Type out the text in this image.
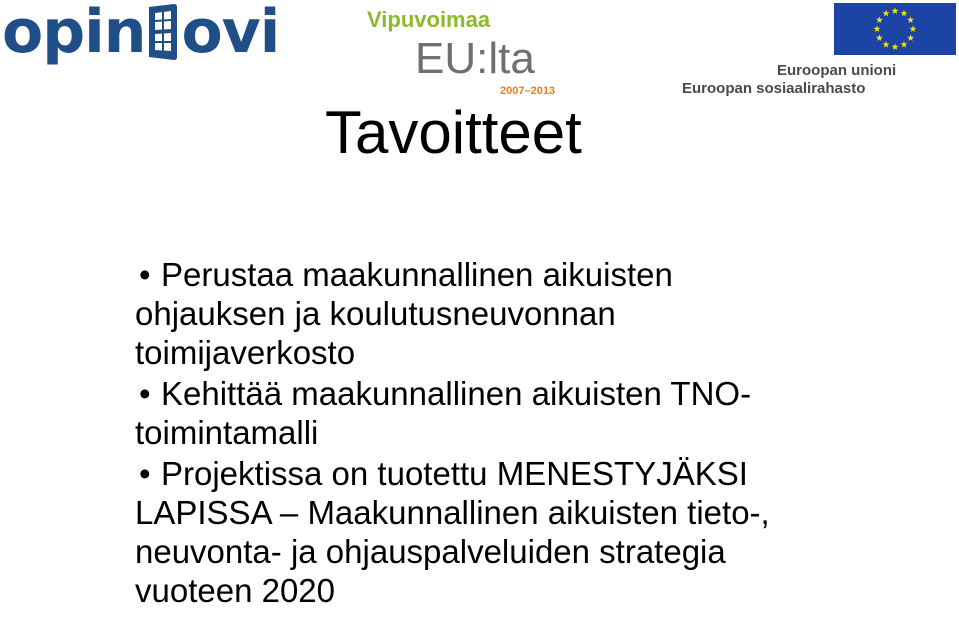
opin ovi	Vipuvoimaa
EU:lta
2007–2013
Euroopan unioni
Euroopan sosiaalirahasto
Tavoitteet
• Perustaa maakunnallinen aikuisten
ohjauksen ja koulutusneuvonnan
toimijaverkosto
• Kehittää maakunnallinen aikuisten TNO-
toimintamalli
• Projektissa on tuotettu MENESTYJÄKSI
LAPISSA – Maakunnallinen aikuisten tieto-,
neuvonta- ja ohjauspalveluiden strategia
vuoteen 2020
